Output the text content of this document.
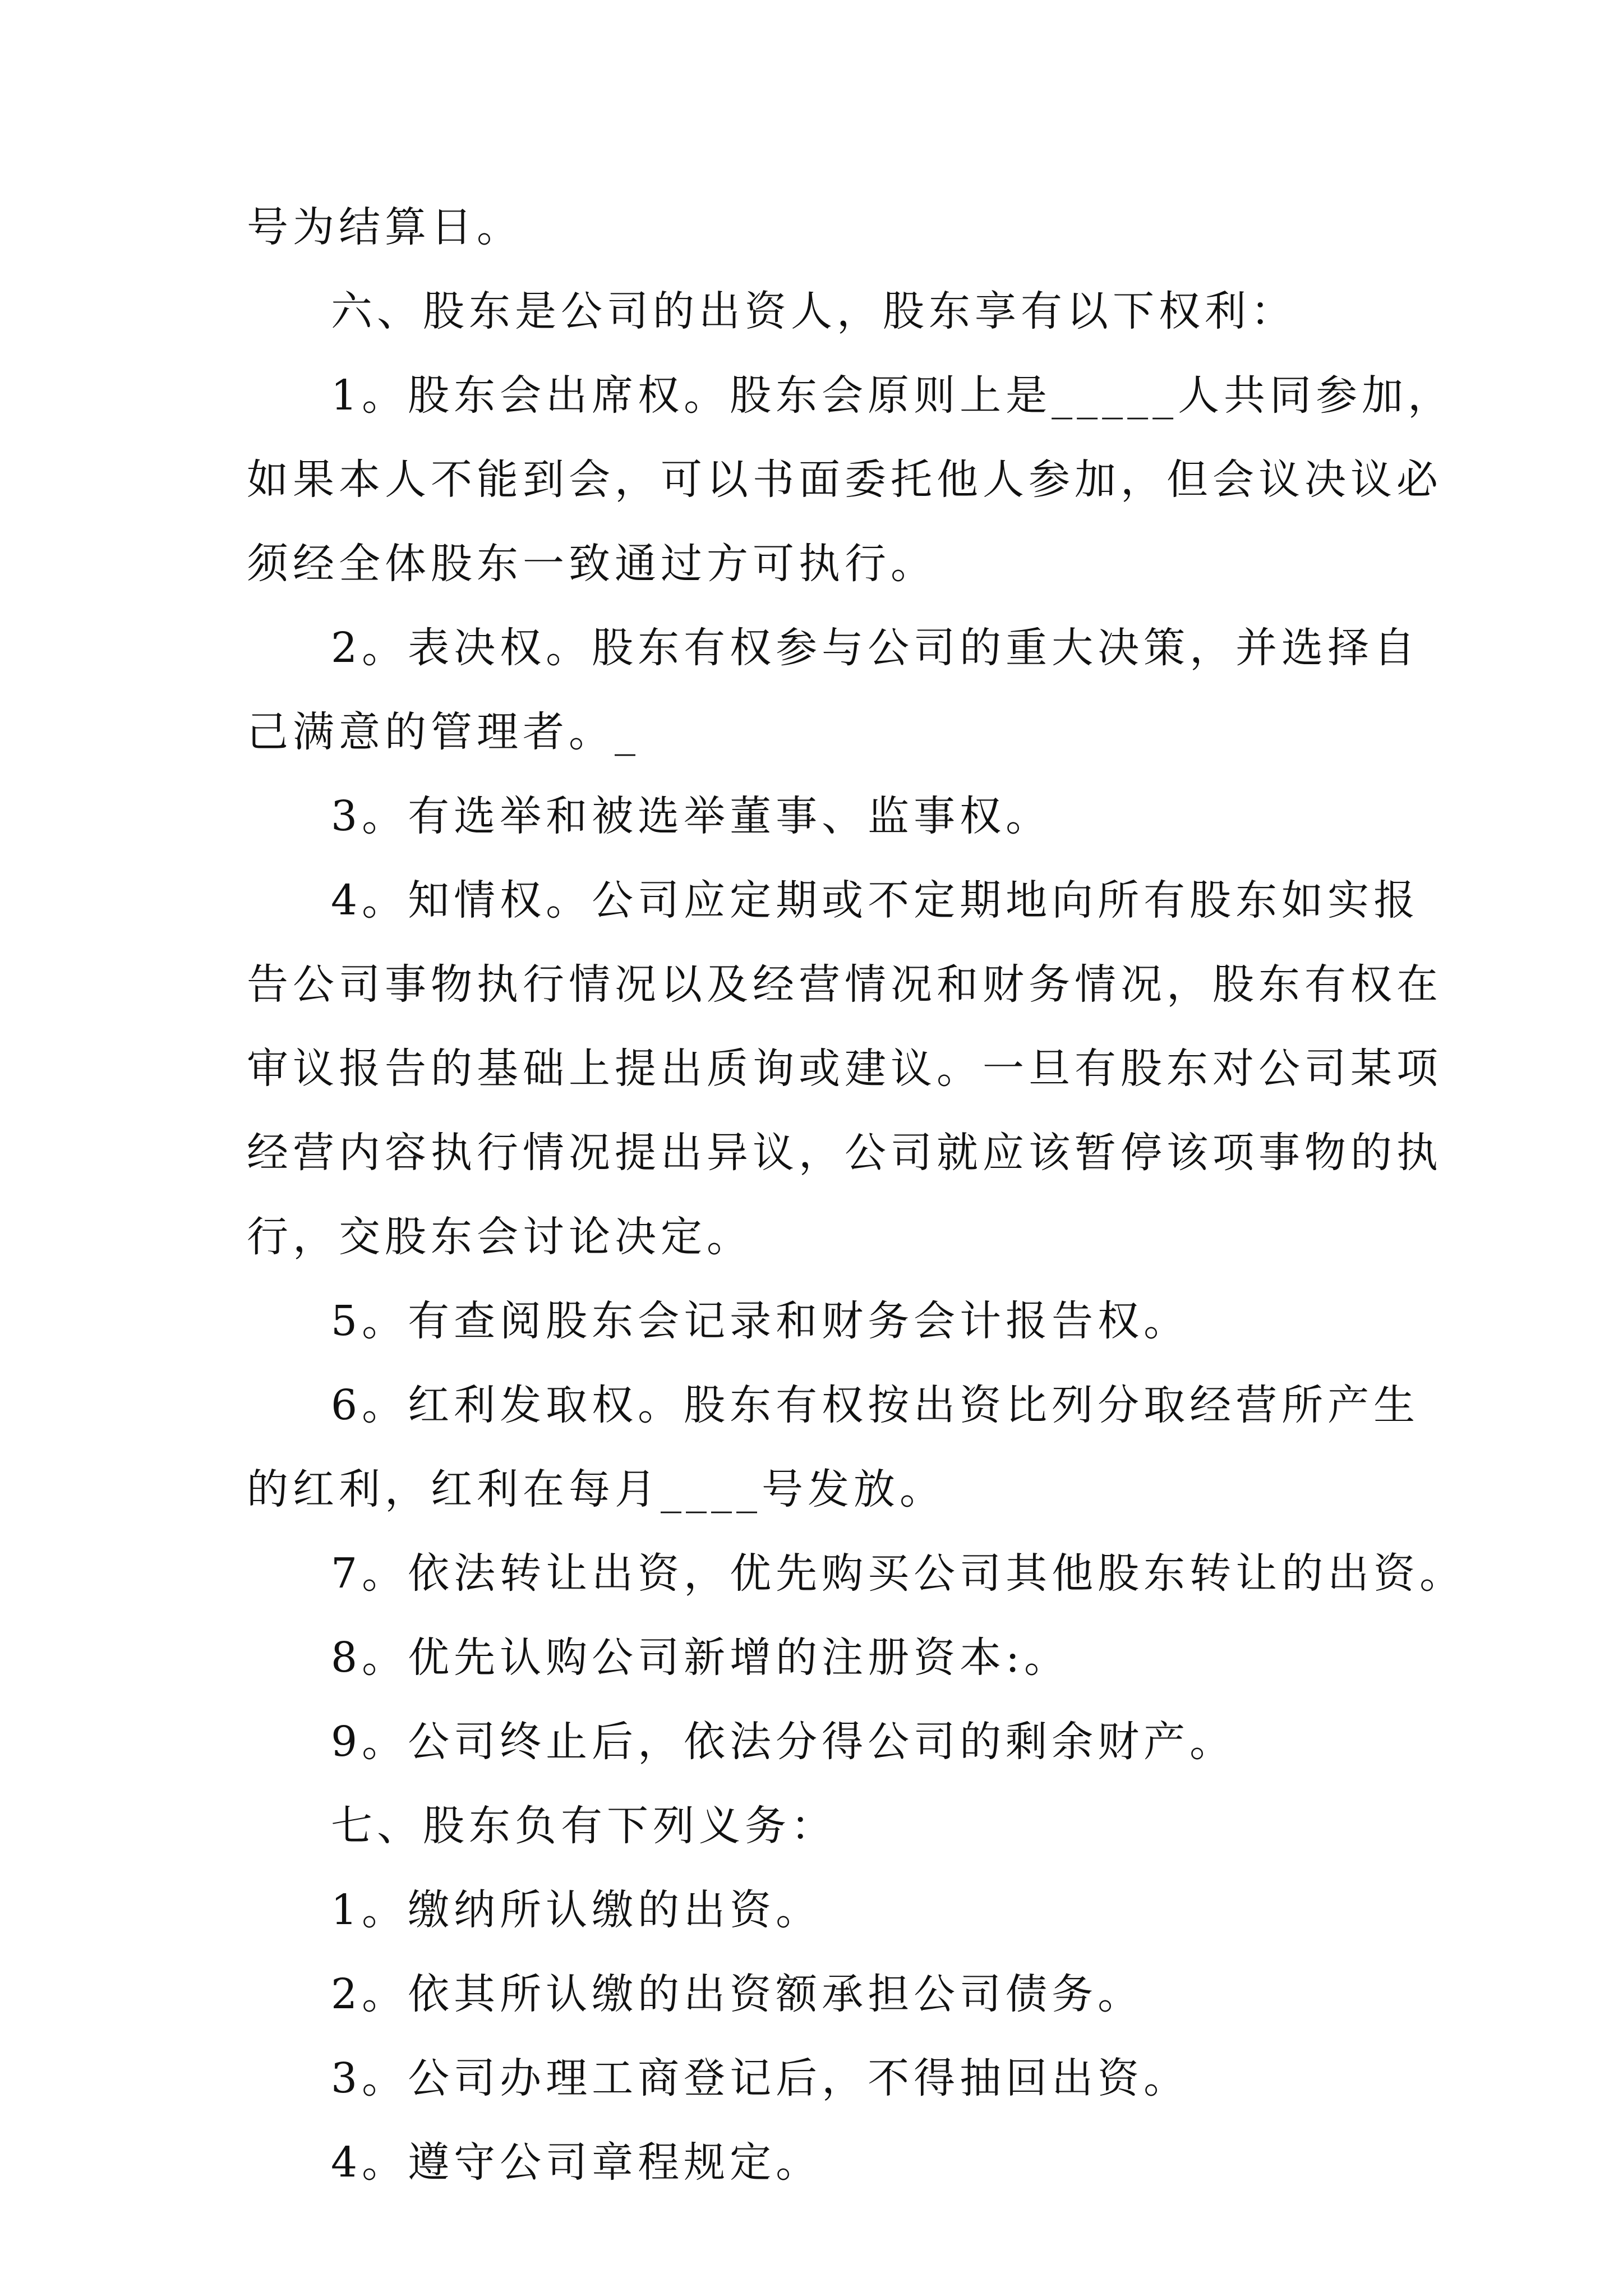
号为结算日。
六、股东是公司的出资人，股东享有以下权利：
1。股东会出席权。股东会原则上是_____人共同参加，
如果本人不能到会，可以书面委托他人参加，但会议决议必
须经全体股东一致通过方可执行。
2。表决权。股东有权参与公司的重大决策，并选择自
己满意的管理者。_
3。有选举和被选举董事、监事权。
4。知情权。公司应定期或不定期地向所有股东如实报
告公司事物执行情况以及经营情况和财务情况，股东有权在
审议报告的基础上提出质询或建议。一旦有股东对公司某项
经营内容执行情况提出异议，公司就应该暂停该项事物的执
行，交股东会讨论决定。
5。有查阅股东会记录和财务会计报告权。
6。红利发取权。股东有权按出资比列分取经营所产生
的红利，红利在每月____号发放。
7。依法转让出资，优先购买公司其他股东转让的出资。
8。优先认购公司新增的注册资本:。
9。公司终止后，依法分得公司的剩余财产。
七、股东负有下列义务：
1。缴纳所认缴的出资。
2。依其所认缴的出资额承担公司债务。
3。公司办理工商登记后，不得抽回出资。
4。遵守公司章程规定。
